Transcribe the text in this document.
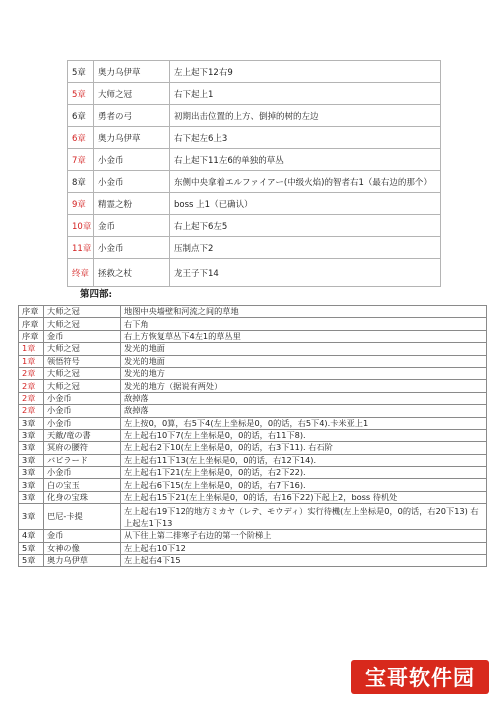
5章	奥力乌伊草	左上起下12右9
5章	大师之冠	右下起上1
6章	勇者の弓	初期出击位置的上方、倒掉的树的左边
6章	奥力乌伊草	右下起左6上3
7章	小金币	右上起下11左6的单独的草丛
8章	小金币	东侧中央拿着エルファイアー(中级火焰)的智者右1（最右边的那个）
9章	精霊之粉	boss 上1（已确认）
10章	金币	右上起下6左5
11章	小金币	压制点下2
终章	拯救之杖	龙王子下14
第四部:
序章	大师之冠	地图中央墙壁和河流之间的草地
序章	大师之冠	右下角
序章	金币	右上方恢复草丛下4左1的草丛里
1章	大师之冠	发光的地面
1章	领悟符号	发光的地面
2章	大师之冠	发光的地方
2章	大师之冠	发光的地方（据说有两处）
2章	小金币	敌掉落
2章	小金币	敌掉落
3章	小金币	左上按0，0算，右5下4(左上坐标是0，0的话，右5下4).卡米亚上1
3章	天敵/竜の書	左上起右10下7(左上坐标是0，0的话，右11下8).
3章	冥府の腰符	左上起右2下10(左上坐标是0，0的话，右3下11). 右石阶
3章	バビラード	左上起右11下13(左上坐标是0，0的话，右12下14).
3章	小金币	左上起右1下21(左上坐标是0，0的话，右2下22).
3章	白の宝玉	左上起右6下15(左上坐标是0，0的话，右7下16).
3章	化身の宝珠	左上起右15下21(左上坐标是0，0的话，右16下22)下起上2，boss 待机处
3章	巴尼-卡提	左上起右19下12的地方ミカヤ（レテ、モウディ）实行待機(左上坐标是0，0的话，右20下13) 右上起左1下13
4章	金币	从下往上第二排寒子右边的第一个阶梯上
5章	女神の像	左上起右10下12
5章	奥力乌伊草	左上起右4下15
宝哥软件园
